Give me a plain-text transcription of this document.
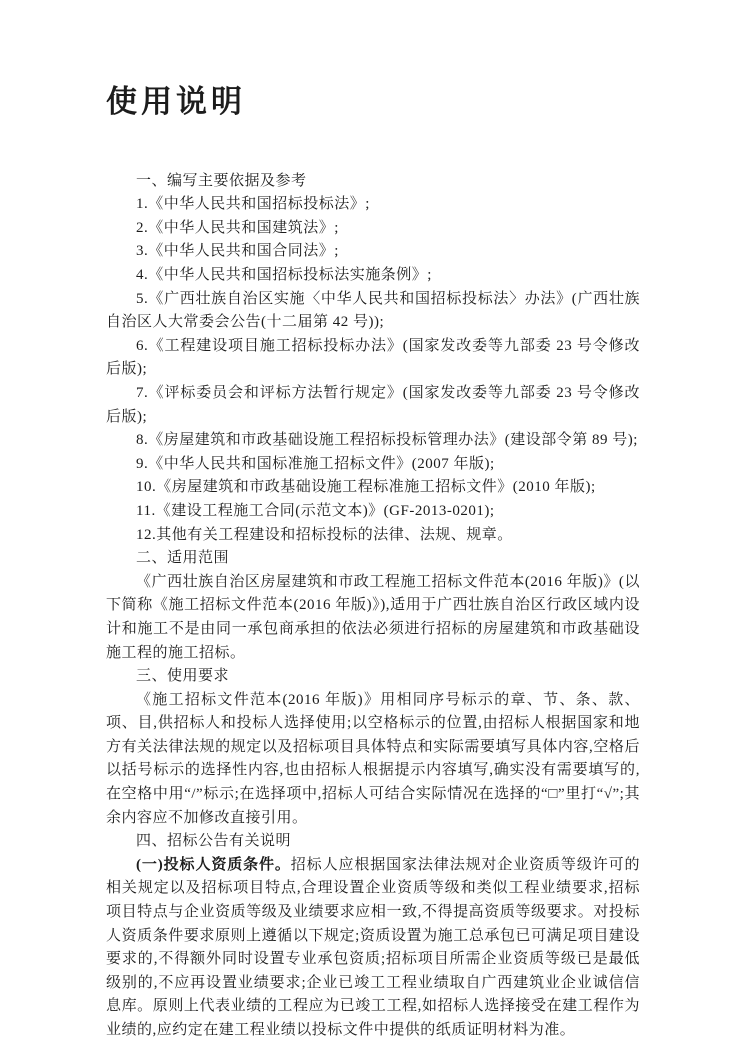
使用说明

一、编写主要依据及参考

1.《中华人民共和国招标投标法》;

2.《中华人民共和国建筑法》;

3.《中华人民共和国合同法》;

4.《中华人民共和国招标投标法实施条例》;

5.《广西壮族自治区实施〈中华人民共和国招标投标法〉办法》(广西壮族自治区人大常委会公告(十二届第 42 号));

6.《工程建设项目施工招标投标办法》(国家发改委等九部委 23 号令修改后版);

7.《评标委员会和评标方法暂行规定》(国家发改委等九部委 23 号令修改后版);

8.《房屋建筑和市政基础设施工程招标投标管理办法》(建设部令第 89 号);

9.《中华人民共和国标准施工招标文件》(2007 年版);

10.《房屋建筑和市政基础设施工程标准施工招标文件》(2010 年版);

11.《建设工程施工合同(示范文本)》(GF-2013-0201);

12.其他有关工程建设和招标投标的法律、法规、规章。

二、适用范围

《广西壮族自治区房屋建筑和市政工程施工招标文件范本(2016 年版)》(以下简称《施工招标文件范本(2016 年版)》),适用于广西壮族自治区行政区域内设计和施工不是由同一承包商承担的依法必须进行招标的房屋建筑和市政基础设施工程的施工招标。

三、使用要求

《施工招标文件范本(2016 年版)》用相同序号标示的章、节、条、款、项、目,供招标人和投标人选择使用;以空格标示的位置,由招标人根据国家和地方有关法律法规的规定以及招标项目具体特点和实际需要填写具体内容,空格后以括号标示的选择性内容,也由招标人根据提示内容填写,确实没有需要填写的,在空格中用“/”标示;在选择项中,招标人可结合实际情况在选择的“□”里打“√”;其余内容应不加修改直接引用。

四、招标公告有关说明

(一)投标人资质条件。招标人应根据国家法律法规对企业资质等级许可的相关规定以及招标项目特点,合理设置企业资质等级和类似工程业绩要求,招标项目特点与企业资质等级及业绩要求应相一致,不得提高资质等级要求。对投标人资质条件要求原则上遵循以下规定;资质设置为施工总承包已可满足项目建设要求的,不得额外同时设置专业承包资质;招标项目所需企业资质等级已是最低级别的,不应再设置业绩要求;企业已竣工工程业绩取自广西建筑业企业诚信信息库。原则上代表业绩的工程应为已竣工工程,如招标人选择接受在建工程作为业绩的,应约定在建工程业绩以投标文件中提供的纸质证明材料为准。
